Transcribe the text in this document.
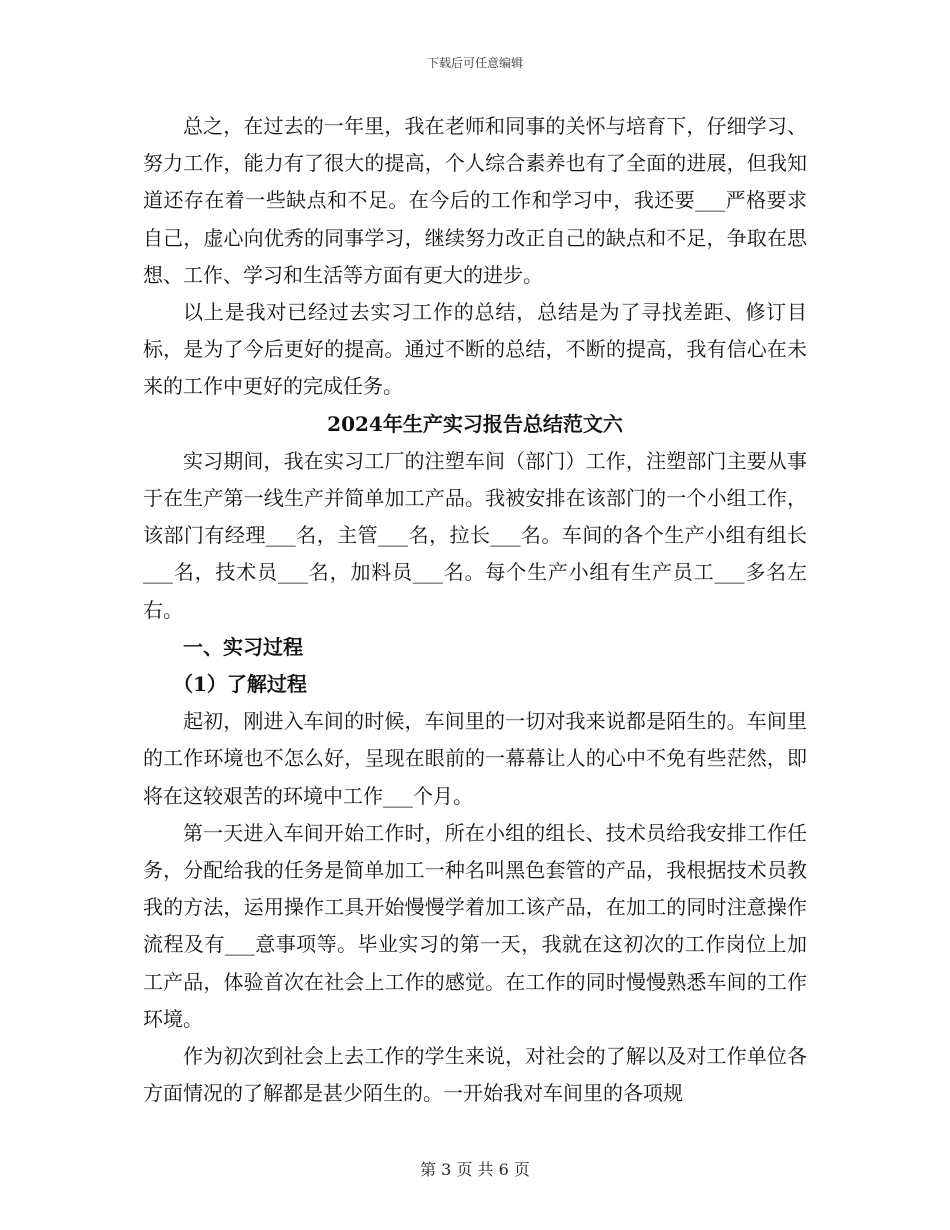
下载后可任意编辑

总之，在过去的一年里，我在老师和同事的关怀与培育下，仔细学习、努力工作，能力有了很大的提高，个人综合素养也有了全面的进展，但我知道还存在着一些缺点和不足。在今后的工作和学习中，我还要___严格要求自己，虚心向优秀的同事学习，继续努力改正自己的缺点和不足，争取在思想、工作、学习和生活等方面有更大的进步。

以上是我对已经过去实习工作的总结，总结是为了寻找差距、修订目标，是为了今后更好的提高。通过不断的总结，不断的提高，我有信心在未来的工作中更好的完成任务。

2024年生产实习报告总结范文六

实习期间，我在实习工厂的注塑车间（部门）工作，注塑部门主要从事于在生产第一线生产并简单加工产品。我被安排在该部门的一个小组工作，该部门有经理___名，主管___名，拉长___名。车间的各个生产小组有组长___名，技术员___名，加料员___名。每个生产小组有生产员工___多名左右。

一、实习过程

（1）了解过程

起初，刚进入车间的时候，车间里的一切对我来说都是陌生的。车间里的工作环境也不怎么好，呈现在眼前的一幕幕让人的心中不免有些茫然，即将在这较艰苦的环境中工作___个月。

第一天进入车间开始工作时，所在小组的组长、技术员给我安排工作任务，分配给我的任务是简单加工一种名叫黑色套管的产品，我根据技术员教我的方法，运用操作工具开始慢慢学着加工该产品，在加工的同时注意操作流程及有___意事项等。毕业实习的第一天，我就在这初次的工作岗位上加工产品，体验首次在社会上工作的感觉。在工作的同时慢慢熟悉车间的工作环境。

作为初次到社会上去工作的学生来说，对社会的了解以及对工作单位各方面情况的了解都是甚少陌生的。一开始我对车间里的各项规

第 3 页 共 6 页
